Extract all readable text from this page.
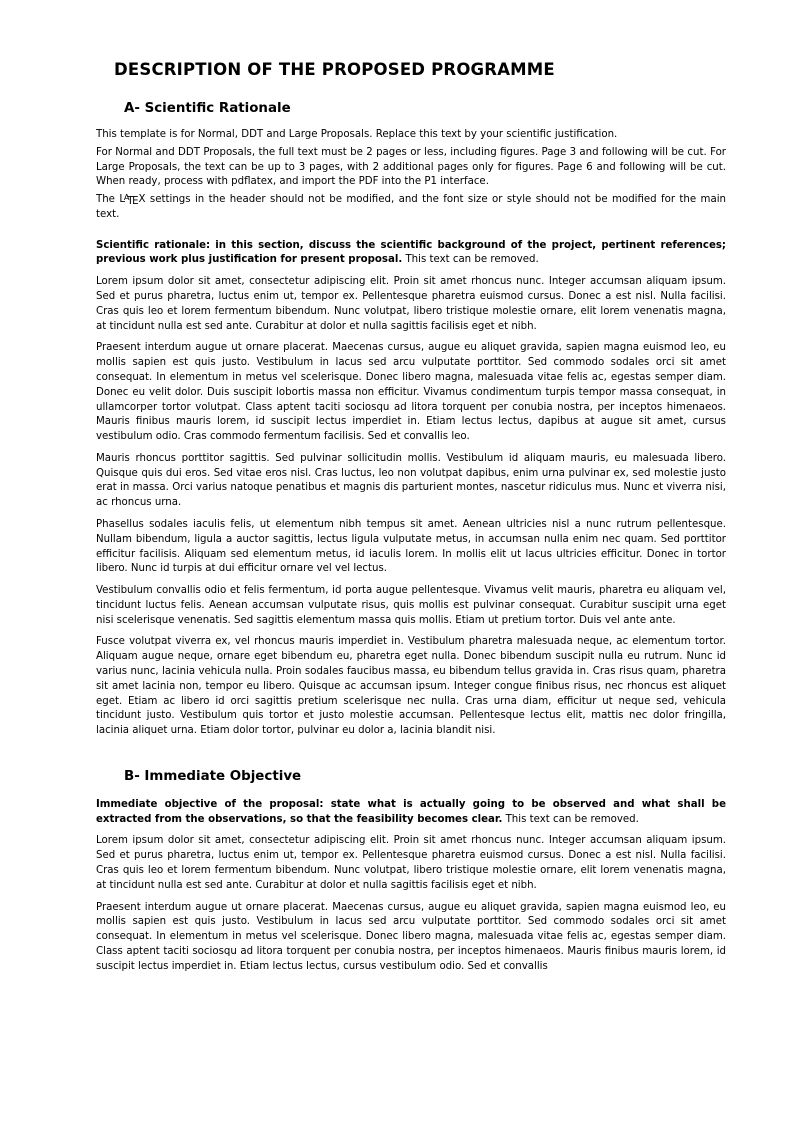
DESCRIPTION OF THE PROPOSED PROGRAMME
A- Scientific Rationale

This template is for Normal, DDT and Large Proposals. Replace this text by your scientific justification.

For Normal and DDT Proposals, the full text must be 2 pages or less, including figures. Page 3 and following will be cut. For Large Proposals, the text can be up to 3 pages, with 2 additional pages only for figures. Page 6 and following will be cut. When ready, process with pdflatex, and import the PDF into the P1 interface.

The $L^ATEX$ settings in the header should not be modified, and the font size or style should not be modified for the main text.

Scientific rationale: in this section, discuss the scientific background of the project, pertinent references; previous work plus justification for present proposal. This text can be removed.

Lorem ipsum dolor sit amet, consectetur adipiscing elit. Proin sit amet rhoncus nunc. Integer accumsan aliquam ipsum. Sed et purus pharetra, luctus enim ut, tempor ex. Pellentesque pharetra euismod cursus. Donec a est nisl. Nulla facilisi. Cras quis leo et lorem fermentum bibendum. Nunc volutpat, libero tristique molestie ornare, elit lorem venenatis magna, at tincidunt nulla est sed ante. Curabitur at dolor et nulla sagittis facilisis eget et nibh.

Praesent interdum augue ut ornare placerat. Maecenas cursus, augue eu aliquet gravida, sapien magna euismod leo, eu mollis sapien est quis justo. Vestibulum in lacus sed arcu vulputate porttitor. Sed commodo sodales orci sit amet consequat. In elementum in metus vel scelerisque. Donec libero magna, malesuada vitae felis ac, egestas semper diam. Donec eu velit dolor. Duis suscipit lobortis massa non efficitur. Vivamus condimentum turpis tempor massa consequat, in ullamcorper tortor volutpat. Class aptent taciti sociosqu ad litora torquent per conubia nostra, per inceptos himenaeos. Mauris finibus mauris lorem, id suscipit lectus imperdiet in. Etiam lectus lectus, dapibus at augue sit amet, cursus vestibulum odio. Cras commodo fermentum facilisis. Sed et convallis leo.

Mauris rhoncus porttitor sagittis. Sed pulvinar sollicitudin mollis. Vestibulum id aliquam mauris, eu malesuada libero. Quisque quis dui eros. Sed vitae eros nisl. Cras luctus, leo non volutpat dapibus, enim urna pulvinar ex, sed molestie justo erat in massa. Orci varius natoque penatibus et magnis dis parturient montes, nascetur ridiculus mus. Nunc et viverra nisi, ac rhoncus urna.

Phasellus sodales iaculis felis, ut elementum nibh tempus sit amet. Aenean ultricies nisl a nunc rutrum pellentesque. Nullam bibendum, ligula a auctor sagittis, lectus ligula vulputate metus, in accumsan nulla enim nec quam. Sed porttitor efficitur facilisis. Aliquam sed elementum metus, id iaculis lorem. In mollis elit ut lacus ultricies efficitur. Donec in tortor libero. Nunc id turpis at dui efficitur ornare vel vel lectus.

Vestibulum convallis odio et felis fermentum, id porta augue pellentesque. Vivamus velit mauris, pharetra eu aliquam vel, tincidunt luctus felis. Aenean accumsan vulputate risus, quis mollis est pulvinar consequat. Curabitur suscipit urna eget nisi scelerisque venenatis. Sed sagittis elementum massa quis mollis. Etiam ut pretium tortor. Duis vel ante ante.

Fusce volutpat viverra ex, vel rhoncus mauris imperdiet in. Vestibulum pharetra malesuada neque, ac elementum tortor. Aliquam augue neque, ornare eget bibendum eu, pharetra eget nulla. Donec bibendum suscipit nulla eu rutrum. Nunc id varius nunc, lacinia vehicula nulla. Proin sodales faucibus massa, eu bibendum tellus gravida in. Cras risus quam, pharetra sit amet lacinia non, tempor eu libero. Quisque ac accumsan ipsum. Integer congue finibus risus, nec rhoncus est aliquet eget. Etiam ac libero id orci sagittis pretium scelerisque nec nulla. Cras urna diam, efficitur ut neque sed, vehicula tincidunt justo. Vestibulum quis tortor et justo molestie accumsan. Pellentesque lectus elit, mattis nec dolor fringilla, lacinia aliquet urna. Etiam dolor tortor, pulvinar eu dolor a, lacinia blandit nisi.

B- Immediate Objective

Immediate objective of the proposal: state what is actually going to be observed and what shall be extracted from the observations, so that the feasibility becomes clear. This text can be removed.

Lorem ipsum dolor sit amet, consectetur adipiscing elit. Proin sit amet rhoncus nunc. Integer accumsan aliquam ipsum. Sed et purus pharetra, luctus enim ut, tempor ex. Pellentesque pharetra euismod cursus. Donec a est nisl. Nulla facilisi. Cras quis leo et lorem fermentum bibendum. Nunc volutpat, libero tristique molestie ornare, elit lorem venenatis magna, at tincidunt nulla est sed ante. Curabitur at dolor et nulla sagittis facilisis eget et nibh.

Praesent interdum augue ut ornare placerat. Maecenas cursus, augue eu aliquet gravida, sapien magna euismod leo, eu mollis sapien est quis justo. Vestibulum in lacus sed arcu vulputate porttitor. Sed commodo sodales orci sit amet consequat. In elementum in metus vel scelerisque. Donec libero magna, malesuada vitae felis ac, egestas semper diam. Class aptent taciti sociosqu ad litora torquent per conubia nostra, per inceptos himenaeos. Mauris finibus mauris lorem, id suscipit lectus imperdiet in. Etiam lectus lectus, cursus vestibulum odio. Sed et convallis
